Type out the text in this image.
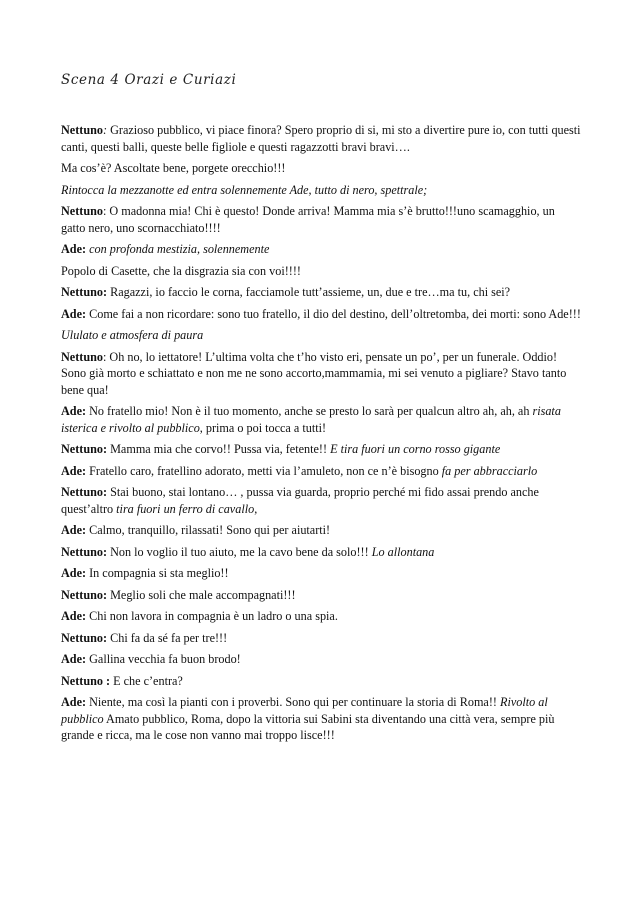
Scena 4 Orazi e Curiazi

Nettuno: Grazioso pubblico, vi piace finora? Spero proprio di si, mi sto a divertire pure io, con tutti questi canti, questi balli, queste belle figliole e questi ragazzotti bravi bravi….

Ma cos’è? Ascoltate bene, porgete orecchio!!!

Rintocca la mezzanotte ed entra solennemente Ade, tutto di nero, spettrale;

Nettuno: O madonna mia! Chi è questo! Donde arriva! Mamma mia s’è brutto!!!uno scamagghio, un gatto nero, uno scornacchiato!!!!

Ade: con profonda mestizia, solennemente

Popolo di Casette, che la disgrazia sia con voi!!!!

Nettuno: Ragazzi, io faccio le corna, facciamole tutt’assieme, un, due e tre…ma tu, chi sei?

Ade: Come fai a non ricordare: sono tuo fratello, il dio del destino, dell’oltretomba, dei morti: sono Ade!!!

Ululato e atmosfera di paura

Nettuno: Oh no, lo iettatore! L’ultima volta che t’ho visto eri, pensate un po’, per un funerale. Oddio! Sono già morto e schiattato e non me ne sono accorto,mammamia, mi sei venuto a pigliare? Stavo tanto bene qua!

Ade: No fratello mio! Non è il tuo momento, anche se presto lo sarà per qualcun altro ah, ah, ah risata isterica e rivolto al pubblico, prima o poi tocca a tutti!

Nettuno: Mamma mia che corvo!! Pussa via, fetente!! E tira fuori un corno rosso gigante

Ade: Fratello caro, fratellino adorato, metti via l’amuleto, non ce n’è bisogno fa per abbracciarlo

Nettuno: Stai buono, stai lontano… , pussa via guarda, proprio perché mi fido assai prendo anche quest’altro tira fuori un ferro di cavallo,

Ade: Calmo, tranquillo, rilassati! Sono qui per aiutarti!

Nettuno: Non lo voglio il tuo aiuto, me la cavo bene da solo!!! Lo allontana

Ade: In compagnia si sta meglio!!

Nettuno: Meglio soli che male accompagnati!!!

Ade: Chi non lavora in compagnia è un ladro o una spia.

Nettuno: Chi fa da sé fa per tre!!!

Ade: Gallina vecchia fa buon brodo!

Nettuno : E che c’entra?

Ade: Niente, ma così la pianti con i proverbi. Sono qui per continuare la storia di Roma!! Rivolto al pubblico Amato pubblico, Roma, dopo la vittoria sui Sabini sta diventando una città vera, sempre più grande e ricca, ma le cose non vanno mai troppo lisce!!!
